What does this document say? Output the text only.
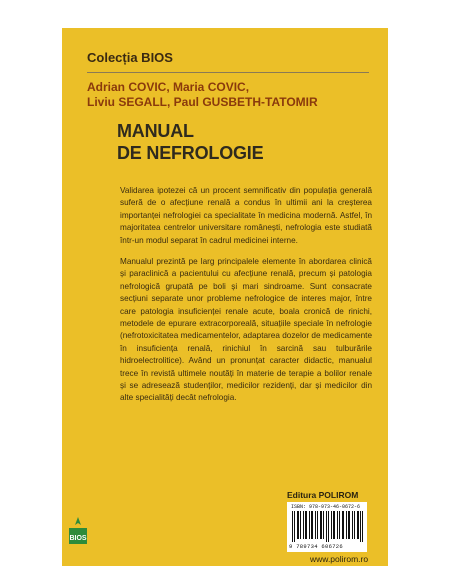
Colecția BIOS
Adrian COVIC, Maria COVIC,
Liviu SEGALL, Paul GUSBETH-TATOMIR
MANUAL
DE NEFROLOGIE
Validarea ipotezei că un procent semnificativ din populația generală suferă de o afecțiune renală a condus în ultimii ani la creșterea importanței nefrologiei ca specialitate în medicina modernă. Astfel, în majoritatea centrelor universitare românești, nefrologia este studiată într-un modul separat în cadrul medicinei interne.
Manualul prezintă pe larg principalele elemente în abordarea clinică și paraclinică a pacientului cu afecțiune renală, precum și patologia nefrologică grupată pe boli și mari sindroame. Sunt consacrate secțiuni separate unor probleme nefrologice de interes major, între care patologia insuficienței renale acute, boala cronică de rinichi, metodele de epurare extracorporeală, situațiile speciale în nefrologie (nefrotoxicitatea medicamentelor, adaptarea dozelor de medicamente în insuficiența renală, rinichiul în sarcină sau tulburările hidroelectrolitice). Având un pronunțat caracter didactic, manualul trece în revistă ultimele noutăți în materie de terapie a bolilor renale și se adresează studenților, medicilor rezidenți, dar și medicilor din alte specialități decât nefrologia.
Editura POLIROM
ISBN: 978-973-46-0672-6
9 789734 606726
www.polirom.ro
BIOS
